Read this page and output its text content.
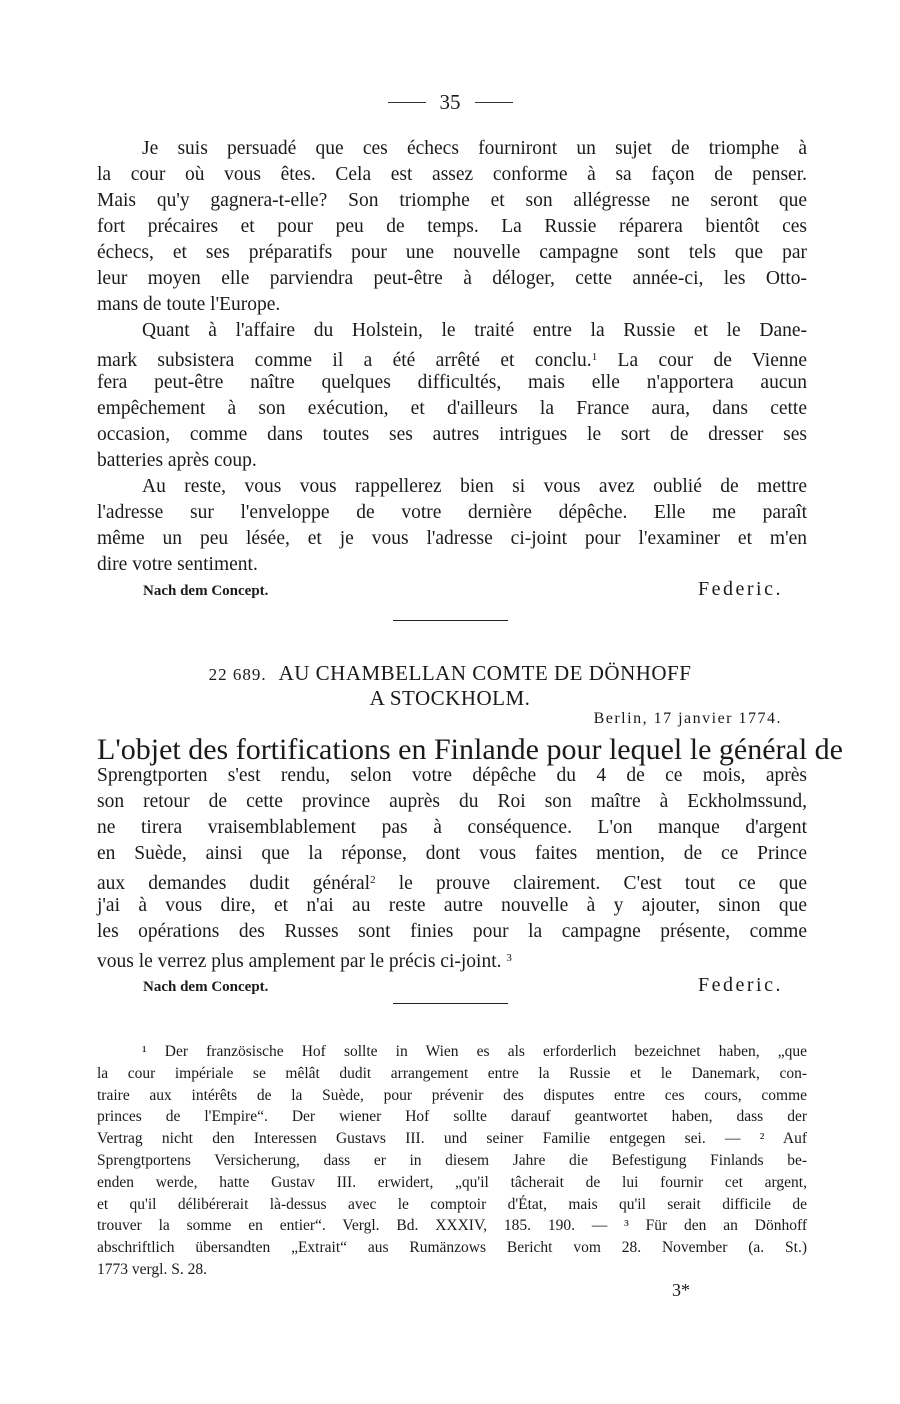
35
Je suis persuadé que ces échecs fourniront un sujet de triomphe à
la cour où vous êtes. Cela est assez conforme à sa façon de penser.
Mais qu'y gagnera-t-elle? Son triomphe et son allégresse ne seront que
fort précaires et pour peu de temps. La Russie réparera bientôt ces
échecs, et ses préparatifs pour une nouvelle campagne sont tels que par
leur moyen elle parviendra peut-être à déloger, cette année-ci, les Otto-
mans de toute l'Europe.
Quant à l'affaire du Holstein, le traité entre la Russie et le Dane-
mark subsistera comme il a été arrêté et conclu.$^1$ La cour de Vienne
fera peut-être naître quelques difficultés, mais elle n'apportera aucun
empêchement à son exécution, et d'ailleurs la France aura, dans cette
occasion, comme dans toutes ses autres intrigues le sort de dresser ses
batteries après coup.
Au reste, vous vous rappellerez bien si vous avez oublié de mettre
l'adresse sur l'enveloppe de votre dernière dépêche. Elle me paraît
même un peu lésée, et je vous l'adresse ci-joint pour l'examiner et m'en
dire votre sentiment.
Nach dem Concept.	Federic.
22 689. AU CHAMBELLAN COMTE DE DÖNHOFF
A STOCKHOLM.
Berlin, 17 janvier 1774.
L'objet des fortifications en Finlande pour lequel le général de
Sprengtporten s'est rendu, selon votre dépêche du 4 de ce mois, après
son retour de cette province auprès du Roi son maître à Eckholmssund,
ne tirera vraisemblablement pas à conséquence. L'on manque d'argent
en Suède, ainsi que la réponse, dont vous faites mention, de ce Prince
aux demandes dudit général$^2$ le prouve clairement. C'est tout ce que
j'ai à vous dire, et n'ai au reste autre nouvelle à y ajouter, sinon que
les opérations des Russes sont finies pour la campagne présente, comme
vous le verrez plus amplement par le précis ci-joint. $^3$
Nach dem Concept.	Federic.
¹ Der französische Hof sollte in Wien es als erforderlich bezeichnet haben, „que
la cour impériale se mêlât dudit arrangement entre la Russie et le Danemark, con-
traire aux intérêts de la Suède, pour prévenir des disputes entre ces cours, comme
princes de l'Empire“. Der wiener Hof sollte darauf geantwortet haben, dass der
Vertrag nicht den Interessen Gustavs III. und seiner Familie entgegen sei. — ² Auf
Sprengtportens Versicherung, dass er in diesem Jahre die Befestigung Finlands be-
enden werde, hatte Gustav III. erwidert, „qu'il tâcherait de lui fournir cet argent,
et qu'il délibérerait là-dessus avec le comptoir d'État, mais qu'il serait difficile de
trouver la somme en entier“. Vergl. Bd. XXXIV, 185. 190. — ³ Für den an Dönhoff
abschriftlich übersandten „Extrait“ aus Rumänzows Bericht vom 28. November (a. St.)
1773 vergl. S. 28.
3*
